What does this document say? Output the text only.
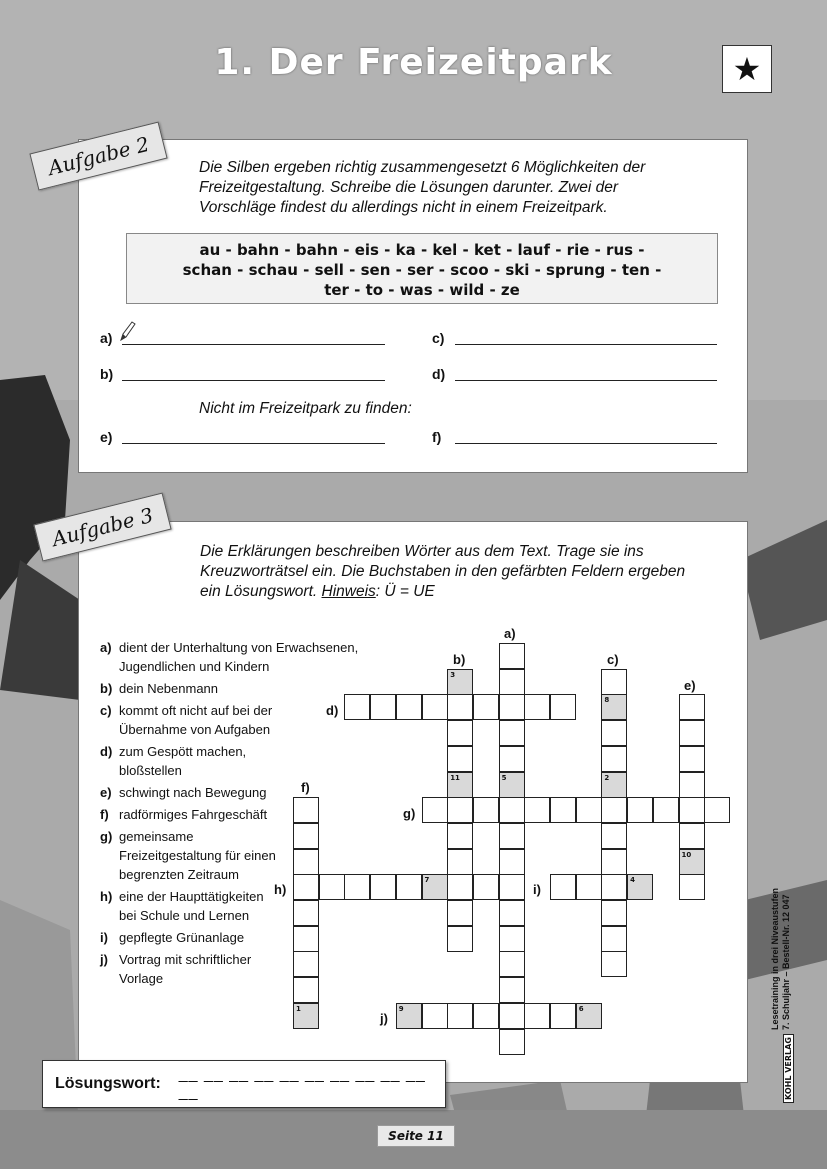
1. Der Freizeitpark	★
Aufgabe 2	Die Silben ergeben richtig zusammengesetzt 6 Möglichkeiten der
Freizeitgestaltung. Schreibe die Lösungen darunter. Zwei der
Vorschläge findest du allerdings nicht in einem Freizeitpark.
au - bahn - bahn - eis - ka - kel - ket - lauf - rie - rus -
schan - schau - sell - sen - ser - scoo - ski - sprung - ten -
ter - to - was - wild - ze
a)	c)
b)	d)
Nicht im Freizeitpark zu finden:
e)	f)
Aufgabe 3
Die Erklärungen beschreiben Wörter aus dem Text. Trage sie ins
Kreuzworträtsel ein. Die Buchstaben in den gefärbten Feldern ergeben
ein Lösungswort. Hinweis: Ü = UE
a) dient der Unterhaltung von Erwachsenen, Jugendlichen und Kindern
b) dein Nebenmann
c) kommt oft nicht auf bei der Übernahme von Aufgaben
d) zum Gespött machen, bloßstellen
e) schwingt nach Bewegung
f) radförmiges Fahrgeschäft
g) gemeinsame Freizeitgestaltung für einen begrenzten Zeitraum
h) eine der Haupttätigkeiten bei Schule und Lernen
i) gepflegte Grünanlage
j) Vortrag mit schriftlicher Vorlage
5
3
11
8
2
10
1
7	4
9	6
a)
b)	c)
e)
d)
f)
g)
h)	i)
j)
Lösungswort:
__ __ __ __ __ __ __ __ __ __ __
Seite 11
Lesetraining in drei Niveaustufen 7. Schuljahr – Bestell-Nr. 12 047
KOHL VERLAG
